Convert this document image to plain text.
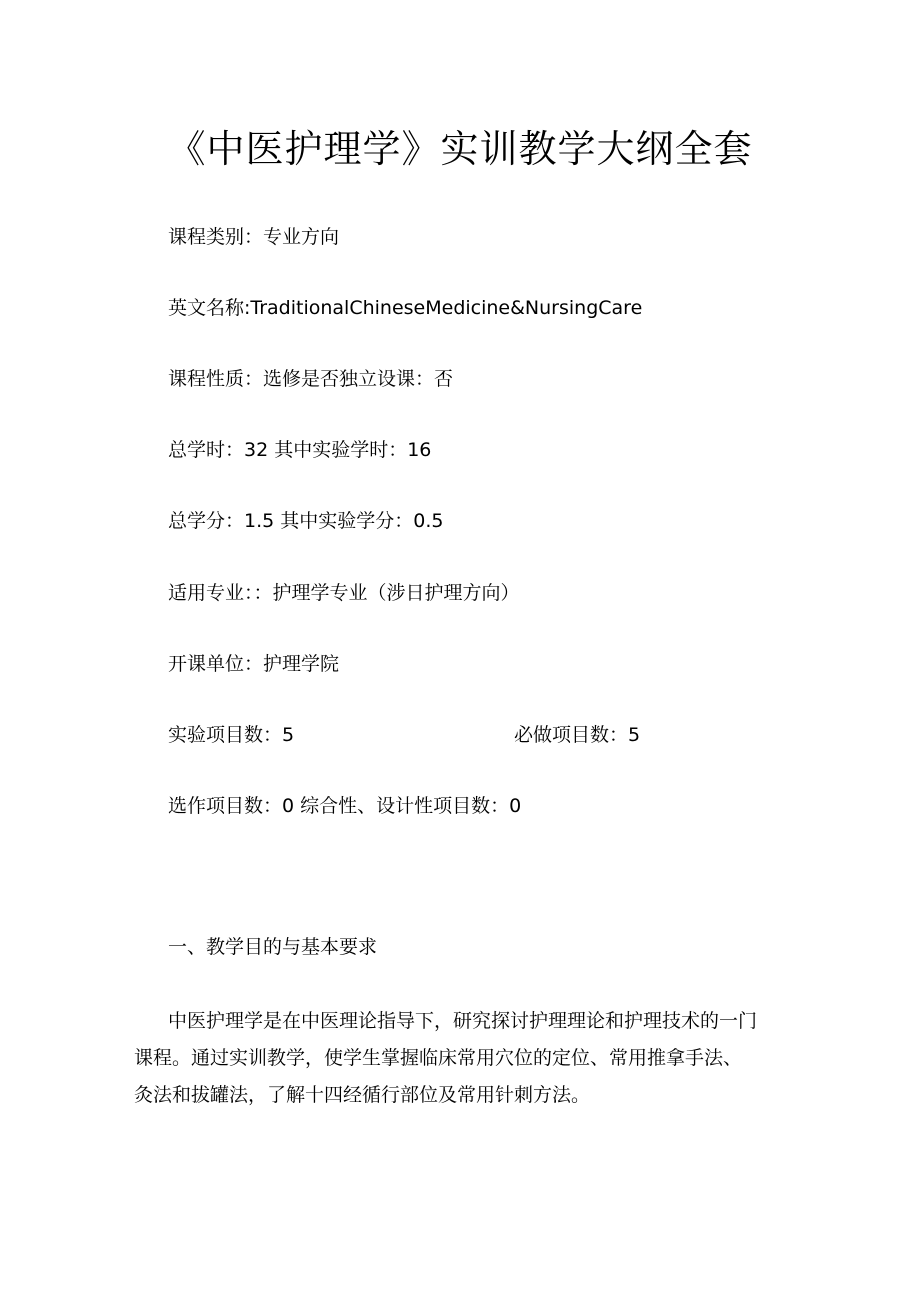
《中医护理学》实训教学大纲全套
课程类别：专业方向
英文名称:TraditionalChineseMedicine&NursingCare
课程性质：选修是否独立设课：否
总学时：32 其中实验学时：16
总学分：1.5 其中实验学分：0.5
适用专业：：护理学专业（涉日护理方向）
开课单位：护理学院
实验项目数：5	必做项目数：5
选作项目数：0 综合性、设计性项目数：0
一、教学目的与基本要求
中医护理学是在中医理论指导下，研究探讨护理理论和护理技术的一门
课程。通过实训教学，使学生掌握临床常用穴位的定位、常用推拿手法、
灸法和拔罐法，了解十四经循行部位及常用针刺方法。
